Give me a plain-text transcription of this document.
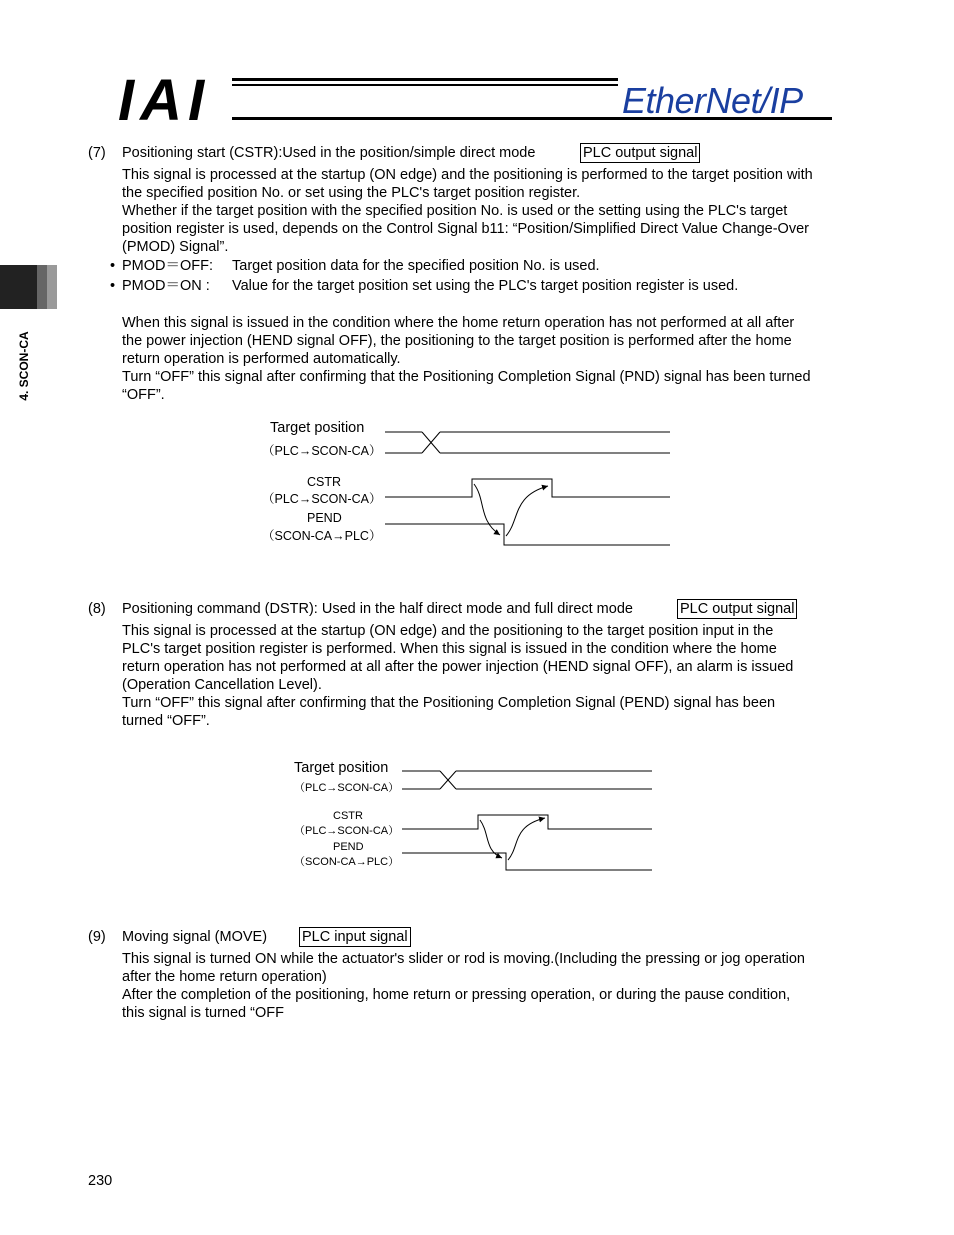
IAI	EtherNet/IP
4. SCON-CA
(7) Positioning start (CSTR):Used in the position/simple direct mode	PLC output signal
This signal is processed at the startup (ON edge) and the positioning is performed to the target position with
the specified position No. or set using the PLC's target position register.
Whether if the target position with the specified position No. is used or the setting using the PLC's target
position register is used, depends on the Control Signal b11: “Position/Simplified Direct Value Change-Over
(PMOD) Signal”.
• PMOD＝OFF: Target position data for the specified position No. is used.
• PMOD＝ON : Value for the target position set using the PLC's target position register is used.
When this signal is issued in the condition where the home return operation has not performed at all after
the power injection (HEND signal OFF), the positioning to the target position is performed after the home
return operation is performed automatically.
Turn “OFF” this signal after confirming that the Positioning Completion Signal (PND) signal has been turned
“OFF”.
Target position
（PLC→SCON-CA）
CSTR
（PLC→SCON-CA）
PEND
（SCON-CA→PLC）
(8) Positioning command (DSTR): Used in the half direct mode and full direct mode	PLC output signal
This signal is processed at the startup (ON edge) and the positioning to the target position input in the
PLC's target position register is performed. When this signal is issued in the condition where the home
return operation has not performed at all after the power injection (HEND signal OFF), an alarm is issued
(Operation Cancellation Level).
Turn “OFF” this signal after confirming that the Positioning Completion Signal (PEND) signal has been
turned “OFF”.
Target position
（PLC→SCON-CA）
CSTR
（PLC→SCON-CA）
PEND
（SCON-CA→PLC）
(9) Moving signal (MOVE) PLC input signal
This signal is turned ON while the actuator's slider or rod is moving.(Including the pressing or jog operation
after the home return operation)
After the completion of the positioning, home return or pressing operation, or during the pause condition,
this signal is turned “OFF
230
